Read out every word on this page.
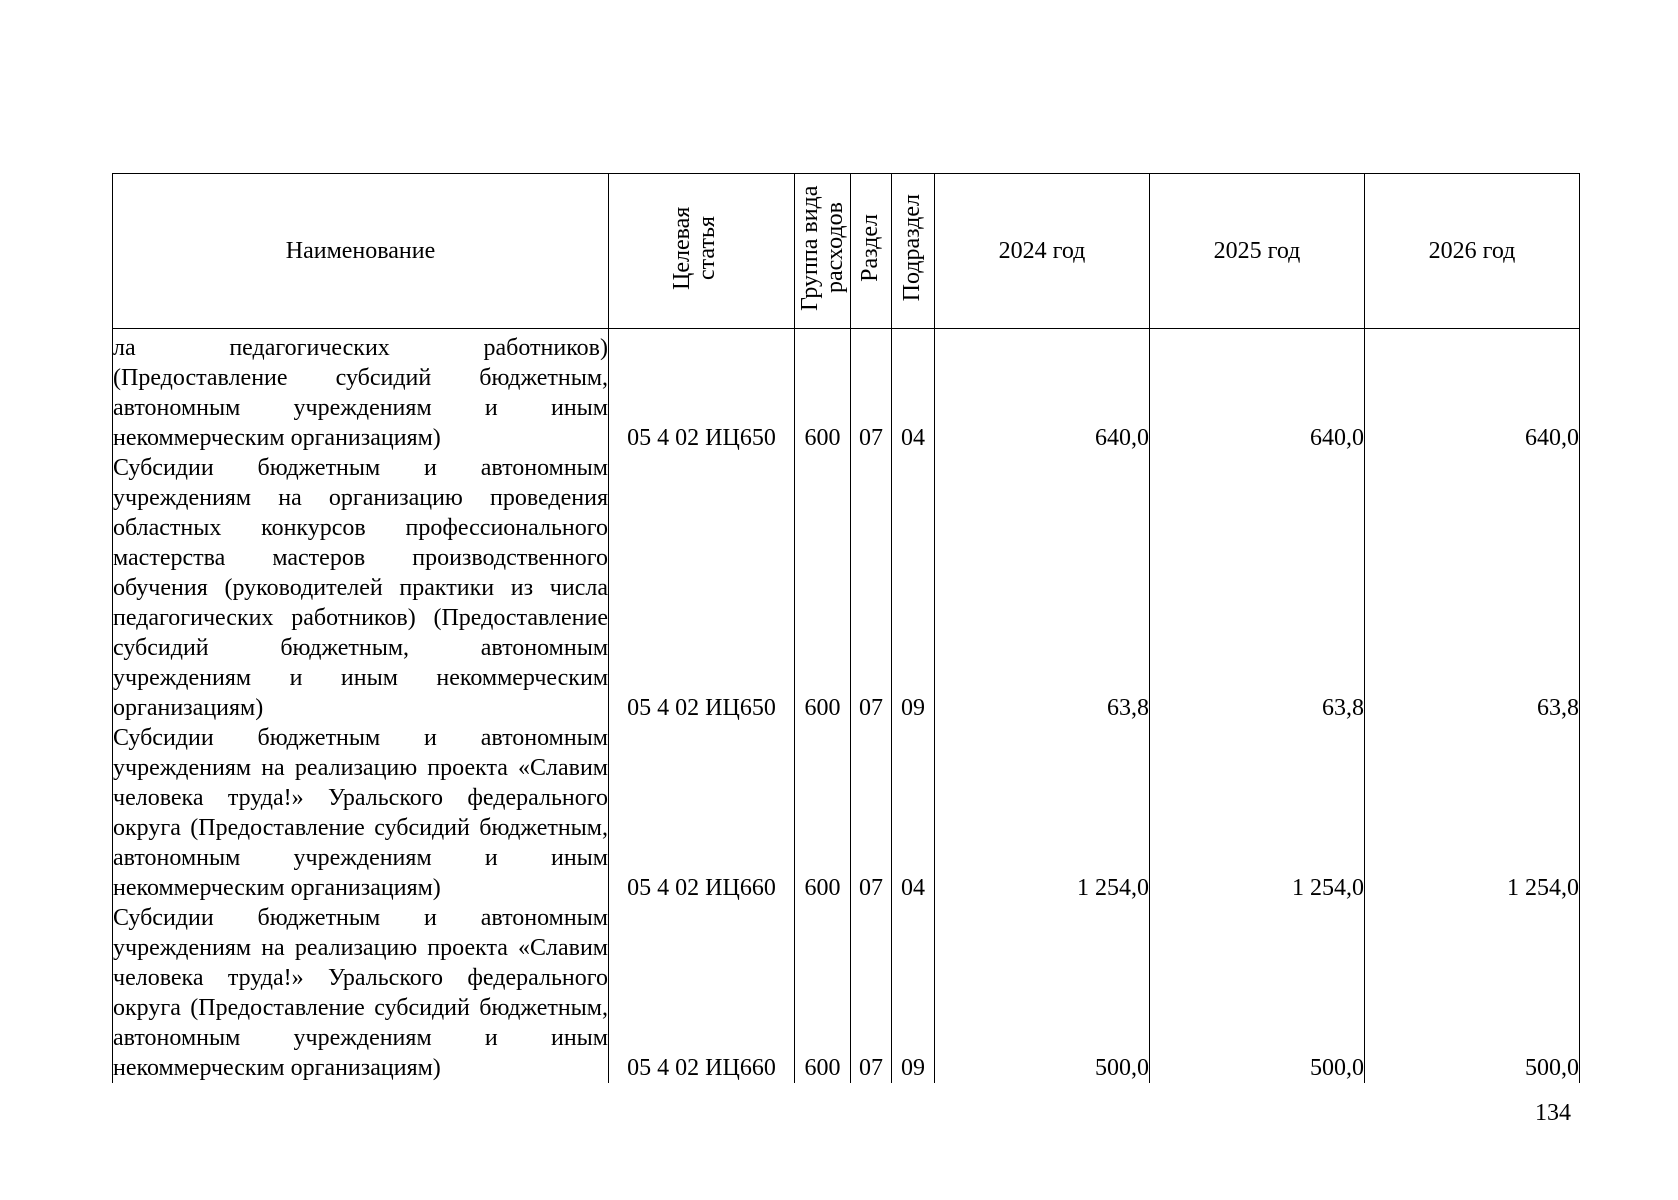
Наименование	Целевая статья	Группа вида расходов	Раздел	Подраздел	2024 год	2025 год	2026 год

ла педагогических работников) (Предоставление субсидий бюджетным, автономным учреждениям и иным некоммерческим организациям)	05 4 02 ИЦ650	600	07	04	640,0	640,0	640,0

Субсидии бюджетным и автономным учреждениям на организацию проведения областных конкурсов профессионального мастерства мастеров производственного обучения (руководителей практики из числа педагогических работников) (Предоставление субсидий бюджетным, автономным учреждениям и иным некоммерческим организациям)	05 4 02 ИЦ650	600	07	09	63,8	63,8	63,8

Субсидии бюджетным и автономным учреждениям на реализацию проекта «Славим человека труда!» Уральского федерального округа (Предоставление субсидий бюджетным, автономным учреждениям и иным некоммерческим организациям)	05 4 02 ИЦ660	600	07	04	1 254,0	1 254,0	1 254,0

Субсидии бюджетным и автономным учреждениям на реализацию проекта «Славим человека труда!» Уральского федерального округа (Предоставление субсидий бюджетным, автономным учреждениям и иным некоммерческим организациям)	05 4 02 ИЦ660	600	07	09	500,0	500,0	500,0
134
